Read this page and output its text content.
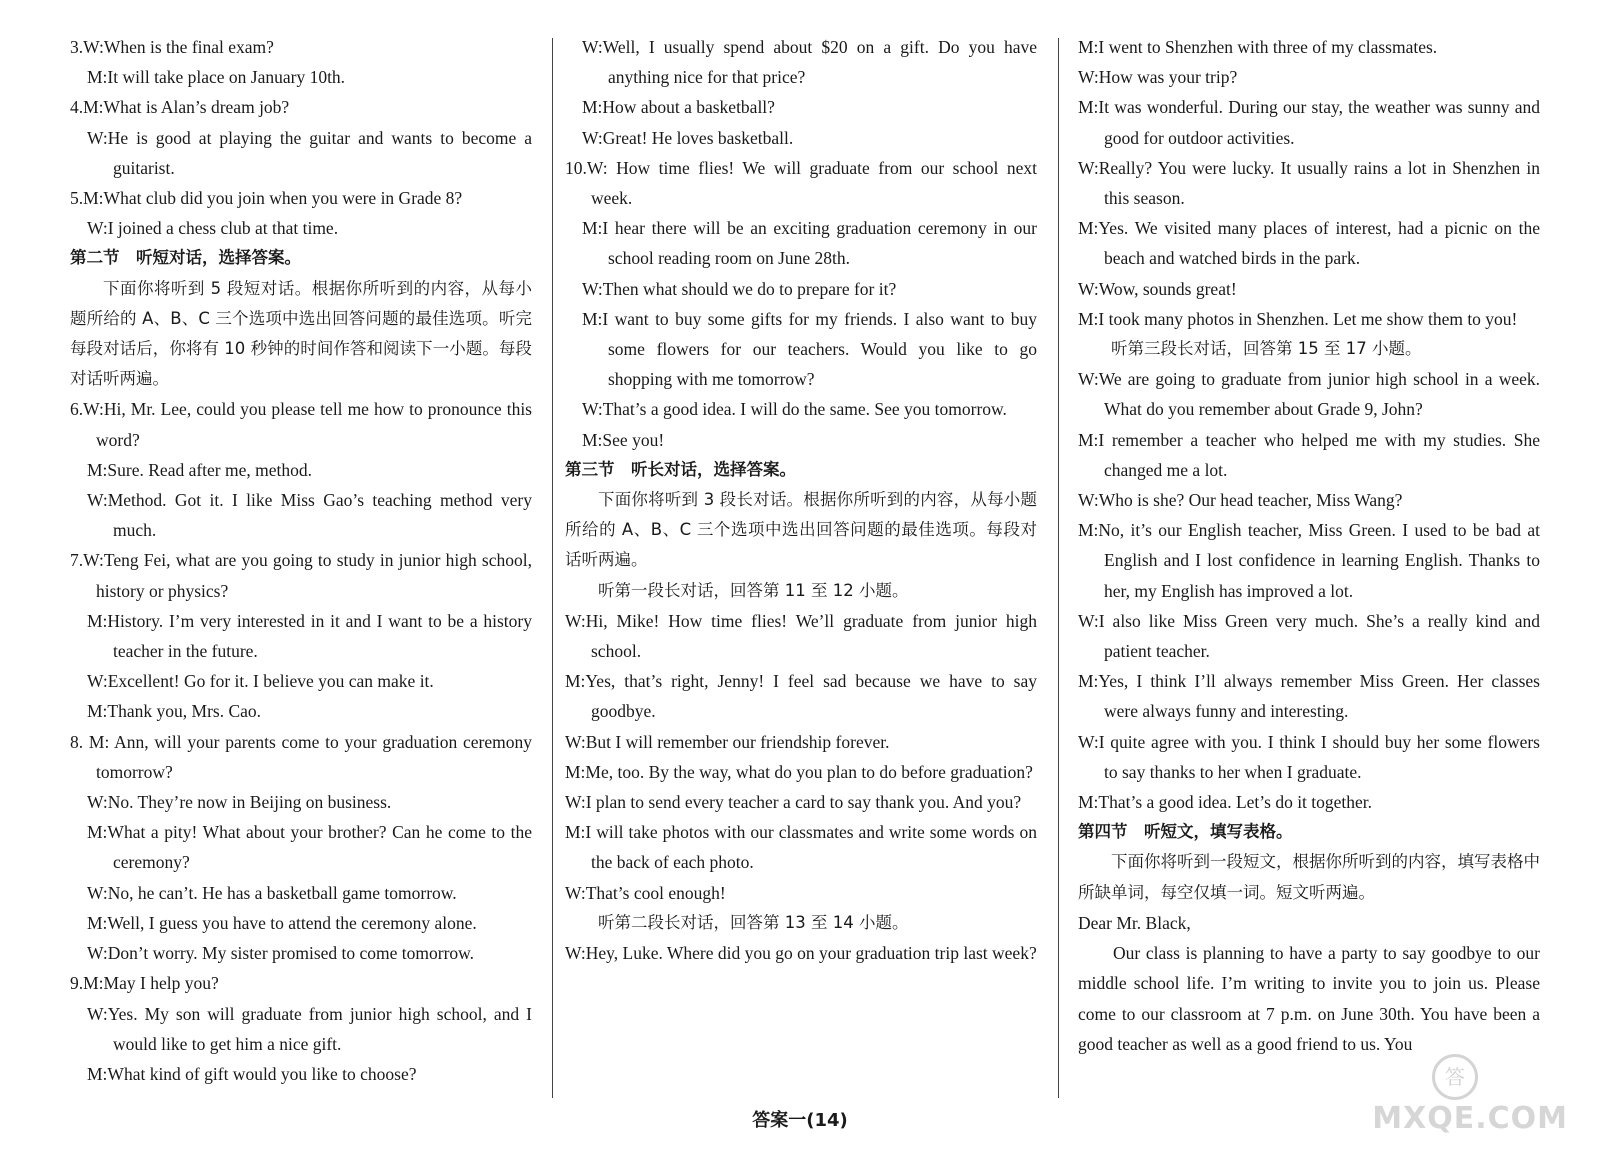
3.W:When is the final exam?

M:It will take place on January 10th.

4.M:What is Alan’s dream job?

W:He is good at playing the guitar and wants to become a guitarist.

5.M:What club did you join when you were in Grade 8?

W:I joined a chess club at that time.

第二节　听短对话，选择答案。

下面你将听到 5 段短对话。根据你所听到的内容，从每小题所给的 A、B、C 三个选项中选出回答问题的最佳选项。听完每段对话后，你将有 10 秒钟的时间作答和阅读下一小题。每段对话听两遍。

6.W:Hi, Mr. Lee, could you please tell me how to pronounce this word?

M:Sure. Read after me, method.

W:Method. Got it. I like Miss Gao’s teaching method very much.

7.W:Teng Fei, what are you going to study in junior high school, history or physics?

M:History. I’m very interested in it and I want to be a history teacher in the future.

W:Excellent! Go for it. I believe you can make it.

M:Thank you, Mrs. Cao.

8. M: Ann, will your parents come to your graduation ceremony tomorrow?

W:No. They’re now in Beijing on business.

M:What a pity! What about your brother? Can he come to the ceremony?

W:No, he can’t. He has a basketball game tomorrow.

M:Well, I guess you have to attend the ceremony alone.

W:Don’t worry. My sister promised to come tomorrow.

9.M:May I help you?

W:Yes. My son will graduate from junior high school, and I would like to get him a nice gift.

M:What kind of gift would you like to choose?

W:Well, I usually spend about $20 on a gift. Do you have anything nice for that price?

M:How about a basketball?

W:Great! He loves basketball.

10.W: How time flies! We will graduate from our school next week.

M:I hear there will be an exciting graduation ceremony in our school reading room on June 28th.

W:Then what should we do to prepare for it?

M:I want to buy some gifts for my friends. I also want to buy some flowers for our teachers. Would you like to go shopping with me tomorrow?

W:That’s a good idea. I will do the same. See you tomorrow.

M:See you!

第三节　听长对话，选择答案。

下面你将听到 3 段长对话。根据你所听到的内容，从每小题所给的 A、B、C 三个选项中选出回答问题的最佳选项。每段对话听两遍。

听第一段长对话，回答第 11 至 12 小题。

W:Hi, Mike! How time flies! We’ll graduate from junior high school.

M:Yes, that’s right, Jenny! I feel sad because we have to say goodbye.

W:But I will remember our friendship forever.

M:Me, too. By the way, what do you plan to do before graduation?

W:I plan to send every teacher a card to say thank you. And you?

M:I will take photos with our classmates and write some words on the back of each photo.

W:That’s cool enough!

听第二段长对话，回答第 13 至 14 小题。

W:Hey, Luke. Where did you go on your graduation trip last week?

M:I went to Shenzhen with three of my classmates.

W:How was your trip?

M:It was wonderful. During our stay, the weather was sunny and good for outdoor activities.

W:Really? You were lucky. It usually rains a lot in Shenzhen in this season.

M:Yes. We visited many places of interest, had a picnic on the beach and watched birds in the park.

W:Wow, sounds great!

M:I took many photos in Shenzhen. Let me show them to you!

听第三段长对话，回答第 15 至 17 小题。

W:We are going to graduate from junior high school in a week. What do you remember about Grade 9, John?

M:I remember a teacher who helped me with my studies. She changed me a lot.

W:Who is she? Our head teacher, Miss Wang?

M:No, it’s our English teacher, Miss Green. I used to be bad at English and I lost confidence in learning English. Thanks to her, my English has improved a lot.

W:I also like Miss Green very much. She’s a really kind and patient teacher.

M:Yes, I think I’ll always remember Miss Green. Her classes were always funny and interesting.

W:I quite agree with you. I think I should buy her some flowers to say thanks to her when I graduate.

M:That’s a good idea. Let’s do it together.

第四节　听短文，填写表格。

下面你将听到一段短文，根据你所听到的内容，填写表格中所缺单词，每空仅填一词。短文听两遍。

Dear Mr. Black,

Our class is planning to have a party to say goodbye to our middle school life. I’m writing to invite you to join us. Please come to our classroom at 7 p.m. on June 30th. You have been a good teacher as well as a good friend to us. You

答案一(14)
答
MXQE.COM
